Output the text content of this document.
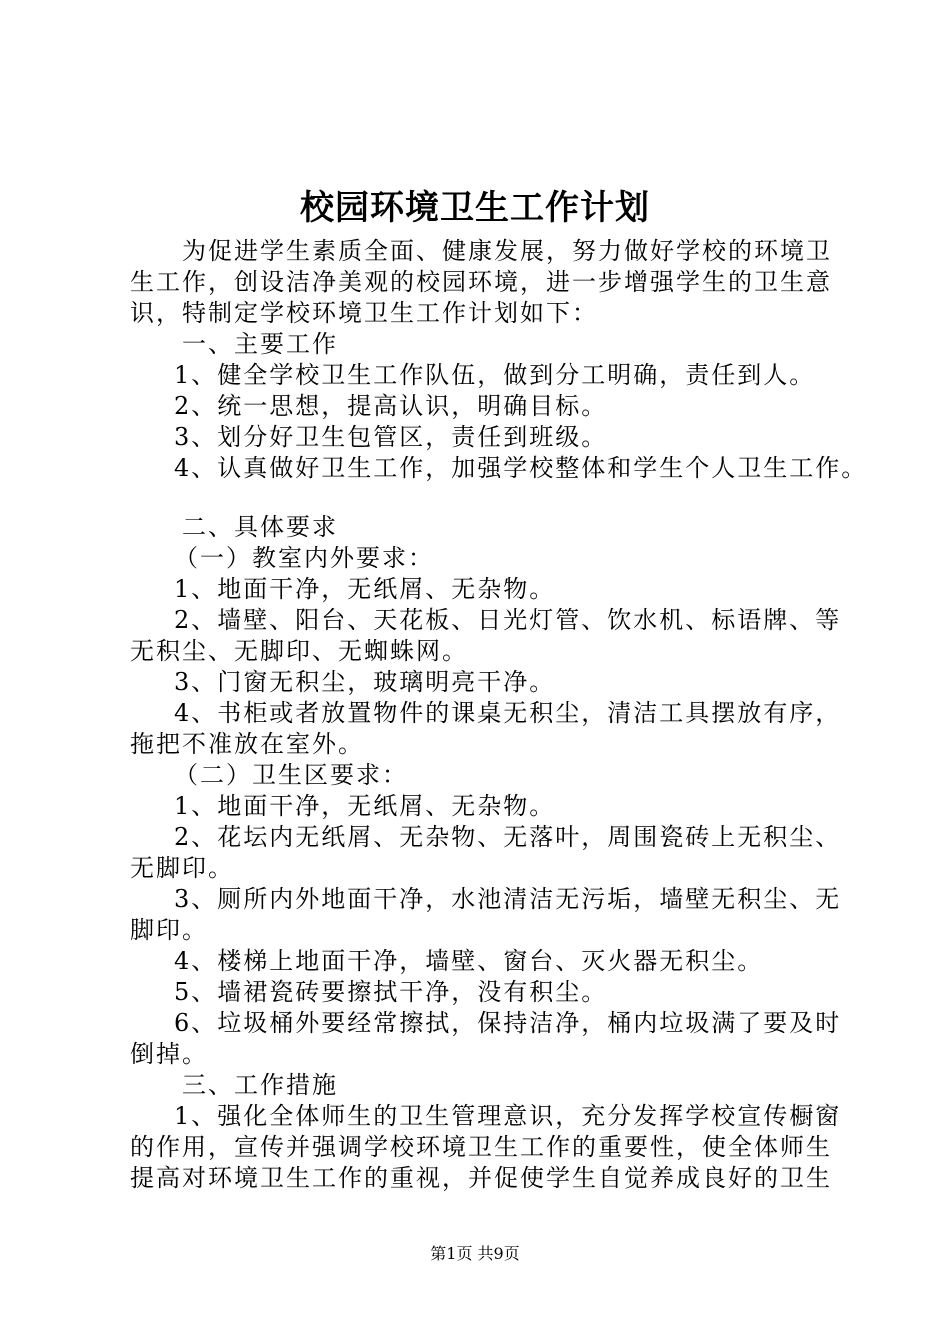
校园环境卫生工作计划
为促进学生素质全面、健康发展，努力做好学校的环境卫
生工作，创设洁净美观的校园环境，进一步增强学生的卫生意
识，特制定学校环境卫生工作计划如下：
一、主要工作
1、健全学校卫生工作队伍，做到分工明确，责任到人。
2、统一思想，提高认识，明确目标。
3、划分好卫生包管区，责任到班级。
4、认真做好卫生工作，加强学校整体和学生个人卫生工作。
二、具体要求
（一）教室内外要求：
1、地面干净，无纸屑、无杂物。
2、墙壁、阳台、天花板、日光灯管、饮水机、标语牌、等
无积尘、无脚印、无蜘蛛网。
3、门窗无积尘，玻璃明亮干净。
4、书柜或者放置物件的课桌无积尘，清洁工具摆放有序，
拖把不准放在室外。
（二）卫生区要求：
1、地面干净，无纸屑、无杂物。
2、花坛内无纸屑、无杂物、无落叶，周围瓷砖上无积尘、
无脚印。
3、厕所内外地面干净，水池清洁无污垢，墙壁无积尘、无
脚印。
4、楼梯上地面干净，墙壁、窗台、灭火器无积尘。
5、墙裙瓷砖要擦拭干净，没有积尘。
6、垃圾桶外要经常擦拭，保持洁净，桶内垃圾满了要及时
倒掉。
三、工作措施
1、强化全体师生的卫生管理意识，充分发挥学校宣传橱窗
的作用，宣传并强调学校环境卫生工作的重要性，使全体师生
提高对环境卫生工作的重视，并促使学生自觉养成良好的卫生
第1页 共9页
